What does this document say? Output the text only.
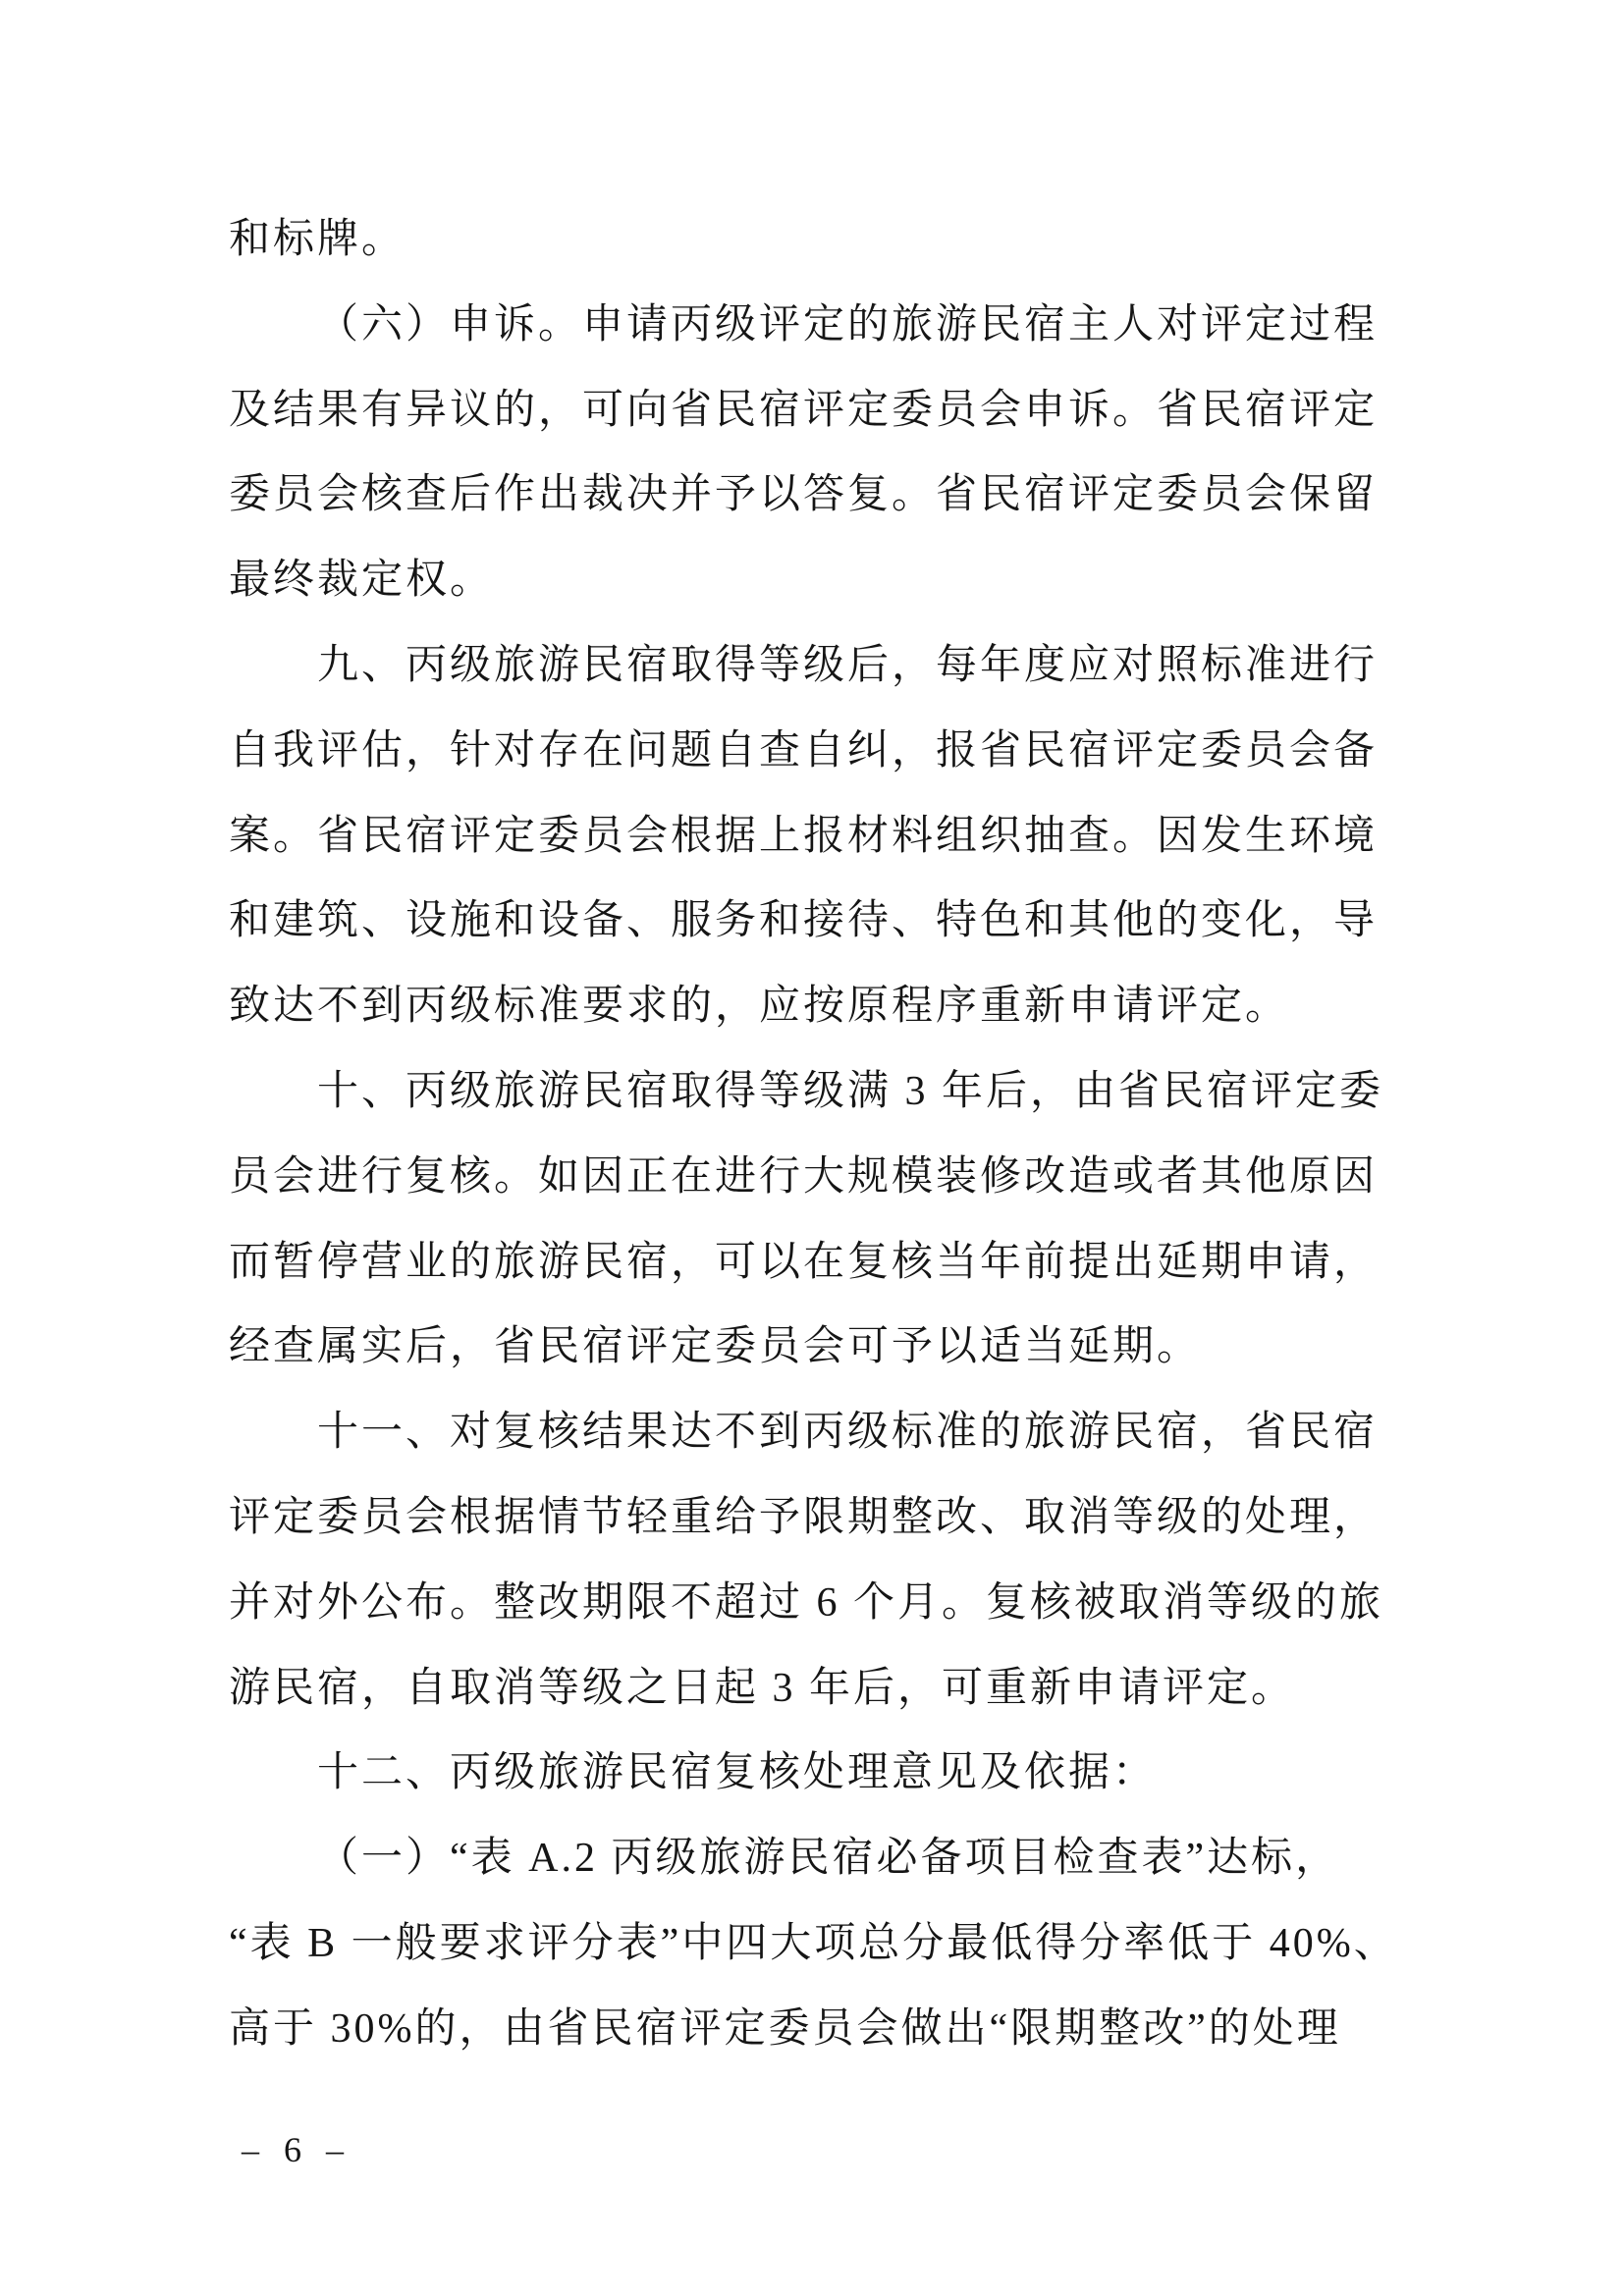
和标牌。
（六）申诉。申请丙级评定的旅游民宿主人对评定过程
及结果有异议的，可向省民宿评定委员会申诉。省民宿评定
委员会核查后作出裁决并予以答复。省民宿评定委员会保留
最终裁定权。
九、丙级旅游民宿取得等级后，每年度应对照标准进行
自我评估，针对存在问题自查自纠，报省民宿评定委员会备
案。省民宿评定委员会根据上报材料组织抽查。因发生环境
和建筑、设施和设备、服务和接待、特色和其他的变化，导
致达不到丙级标准要求的，应按原程序重新申请评定。
十、丙级旅游民宿取得等级满 3 年后，由省民宿评定委
员会进行复核。如因正在进行大规模装修改造或者其他原因
而暂停营业的旅游民宿，可以在复核当年前提出延期申请，
经查属实后，省民宿评定委员会可予以适当延期。
十一、对复核结果达不到丙级标准的旅游民宿，省民宿
评定委员会根据情节轻重给予限期整改、取消等级的处理，
并对外公布。整改期限不超过 6 个月。复核被取消等级的旅
游民宿，自取消等级之日起 3 年后，可重新申请评定。
十二、丙级旅游民宿复核处理意见及依据：
（一）“表 A.2 丙级旅游民宿必备项目检查表”达标，
“表 B 一般要求评分表”中四大项总分最低得分率低于 40%、
高于 30%的，由省民宿评定委员会做出“限期整改”的处理
– 6 –
